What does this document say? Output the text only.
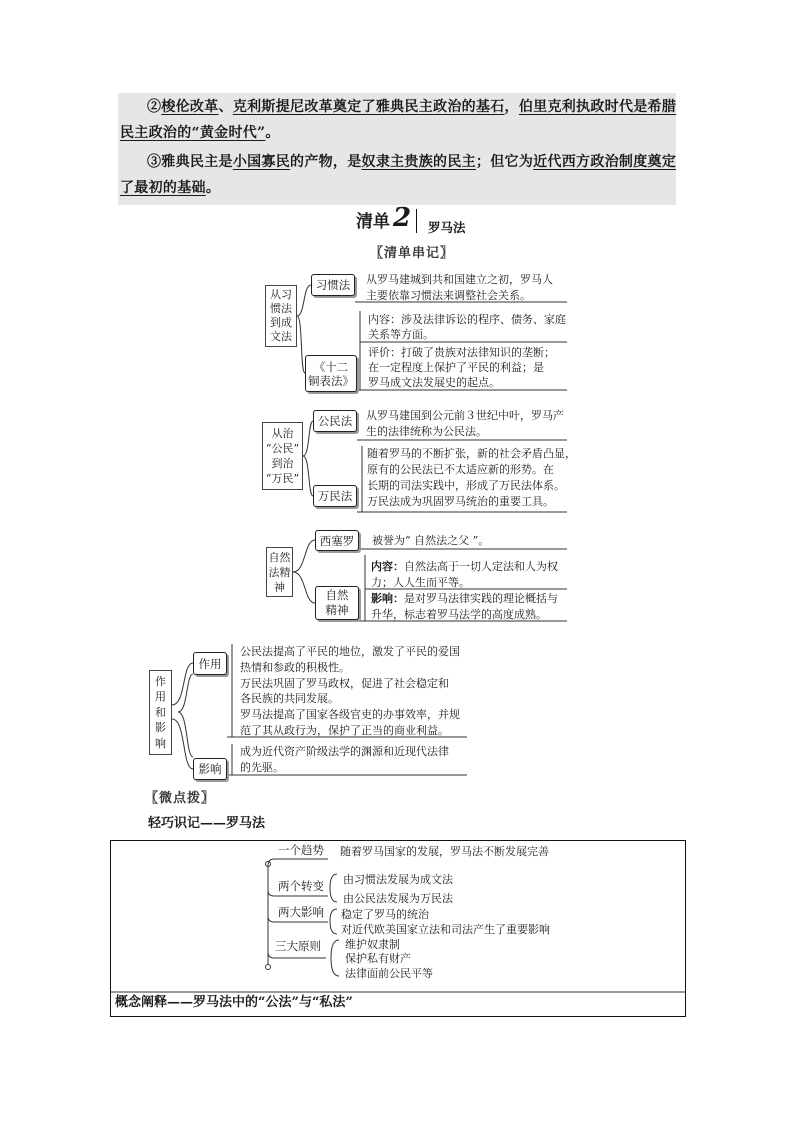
②梭伦改革、克利斯提尼改革奠定了雅典民主政治的基石，伯里克利执政时代是希腊
民主政治的“黄金时代”。
③雅典民主是小国寡民的产物，是奴隶主贵族的民主；但它为近代西方政治制度奠定
了最初的基础。
清单 2 罗马法
〖清单串记〗
从习
惯法
到成
文法
习惯法
《十二
铜表法》
从罗马建城到共和国建立之初，罗马人
主要依靠习惯法来调整社会关系。
内容：涉及法律诉讼的程序、债务、家庭
关系等方面。
评价：打破了贵族对法律知识的垄断；
在一定程度上保护了平民的利益；是
罗马成文法发展史的起点。
从治
“公民”
到治
“万民”
公民法
万民法
从罗马建国到公元前３世纪中叶，罗马产
生的法律统称为公民法。
随着罗马的不断扩张，新的社会矛盾凸显，
原有的公民法已不太适应新的形势。在
长期的司法实践中，形成了万民法体系。
万民法成为巩固罗马统治的重要工具。
自然
法精
神
西塞罗
自然
精神
被誉为“ 自然法之父 ”。
内容：自然法高于一切人定法和人为权
力；人人生而平等。
影响：是对罗马法律实践的理论概括与
升华，标志着罗马法学的高度成熟。
作
用
和
影
响
作用
影响
公民法提高了平民的地位，激发了平民的爱国
热情和参政的积极性。
万民法巩固了罗马政权，促进了社会稳定和
各民族的共同发展。
罗马法提高了国家各级官吏的办事效率，并规
范了其从政行为，保护了正当的商业利益。
成为近代资产阶级法学的渊源和近现代法律
的先驱。
〖微点拨〗
轻巧识记——罗马法
一个趋势 随着罗马国家的发展，罗马法不断发展完善
两个转变 由习惯法发展为成文法
由公民法发展为万民法
两大影响 稳定了罗马的统治
对近代欧美国家立法和司法产生了重要影响
三大原则 维护奴隶制
保护私有财产
法律面前公民平等
概念阐释——罗马法中的“公法”与“私法”
